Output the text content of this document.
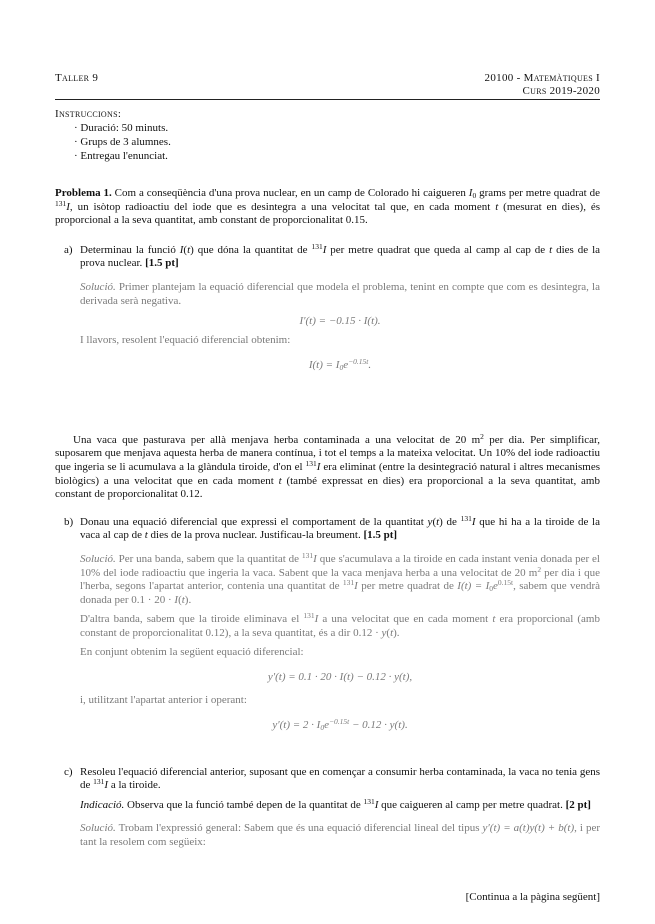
Taller 9	20100 - Matemàtiques I
Curs 2019-2020
Instruccions:
· Duració: 50 minuts.
· Grups de 3 alumnes.
· Entregau l'enunciat.
Problema 1. Com a conseqüència d'una prova nuclear, en un camp de Colorado hi caigueren $I_0$ grams per metre quadrat de $^{131}$I, un isòtop radioactiu del iode que es desintegra a una velocitat tal que, en cada moment t (mesurat en dies), és proporcional a la seva quantitat, amb constant de proporcionalitat 0.15.
a) Determinau la funció I(t) que dóna la quantitat de $^{131}$I per metre quadrat que queda al camp al cap de t dies de la prova nuclear. [1.5 pt]
Solució. Primer plantejam la equació diferencial que modela el problema, tenint en compte que com es desintegra, la derivada serà negativa.
I′(t) = −0.15 · I(t).
I llavors, resolent l'equació diferencial obtenim:
$I(t) = I_0e^{-0.15t}$.
Una vaca que pasturava per allà menjava herba contaminada a una velocitat de 20 $m^2$ per dia. Per simplificar, suposarem que menjava aquesta herba de manera contínua, i tot el temps a la mateixa velocitat. Un 10% del iode radioactiu que ingeria se li acumulava a la glàndula tiroide, d'on el $^{131}$I era eliminat (entre la desintegració natural i altres mecanismes biològics) a una velocitat que en cada moment t (també expressat en dies) era proporcional a la seva quantitat, amb constant de proporcionalitat 0.12.
b) Donau una equació diferencial que expressi el comportament de la quantitat y(t) de $^{131}$I que hi ha a la tiroide de la vaca al cap de t dies de la prova nuclear. Justificau-la breument. [1.5 pt]
Solució. Per una banda, sabem que la quantitat de $^{131}$I que s'acumulava a la tiroide en cada instant venia donada per el 10% del iode radioactiu que ingeria la vaca. Sabent que la vaca menjava herba a una velocitat de 20 $m^2$ per dia i que l'herba, segons l'apartat anterior, contenia una quantitat de $^{131}$I per metre quadrat de $I(t) = I_0e^{0.15t}$, sabem que vendrà donada per 0.1 · 20 · I(t).
D'altra banda, sabem que la tiroide eliminava el $^{131}$I a una velocitat que en cada moment t era proporcional (amb constant de proporcionalitat 0.12), a la seva quantitat, és a dir 0.12 · y(t).
En conjunt obtenim la següent equació diferencial:
y′(t) = 0.1 · 20 · I(t) − 0.12 · y(t),
i, utilitzant l'apartat anterior i operant:
$y'(t) = 2 \cdot I_0e^{-0.15t} - 0.12 \cdot y(t)$.
c) Resoleu l'equació diferencial anterior, suposant que en començar a consumir herba contaminada, la vaca no tenia gens de $^{131}$I a la tiroide.
Indicació. Observa que la funció també depen de la quantitat de $^{131}$I que caigueren al camp per metre quadrat. [2 pt]
Solució. Trobam l'expressió general: Sabem que és una equació diferencial lineal del tipus y′(t) = a(t)y(t) + b(t), i per tant la resolem com següeix:
[Continua a la pàgina següent]
